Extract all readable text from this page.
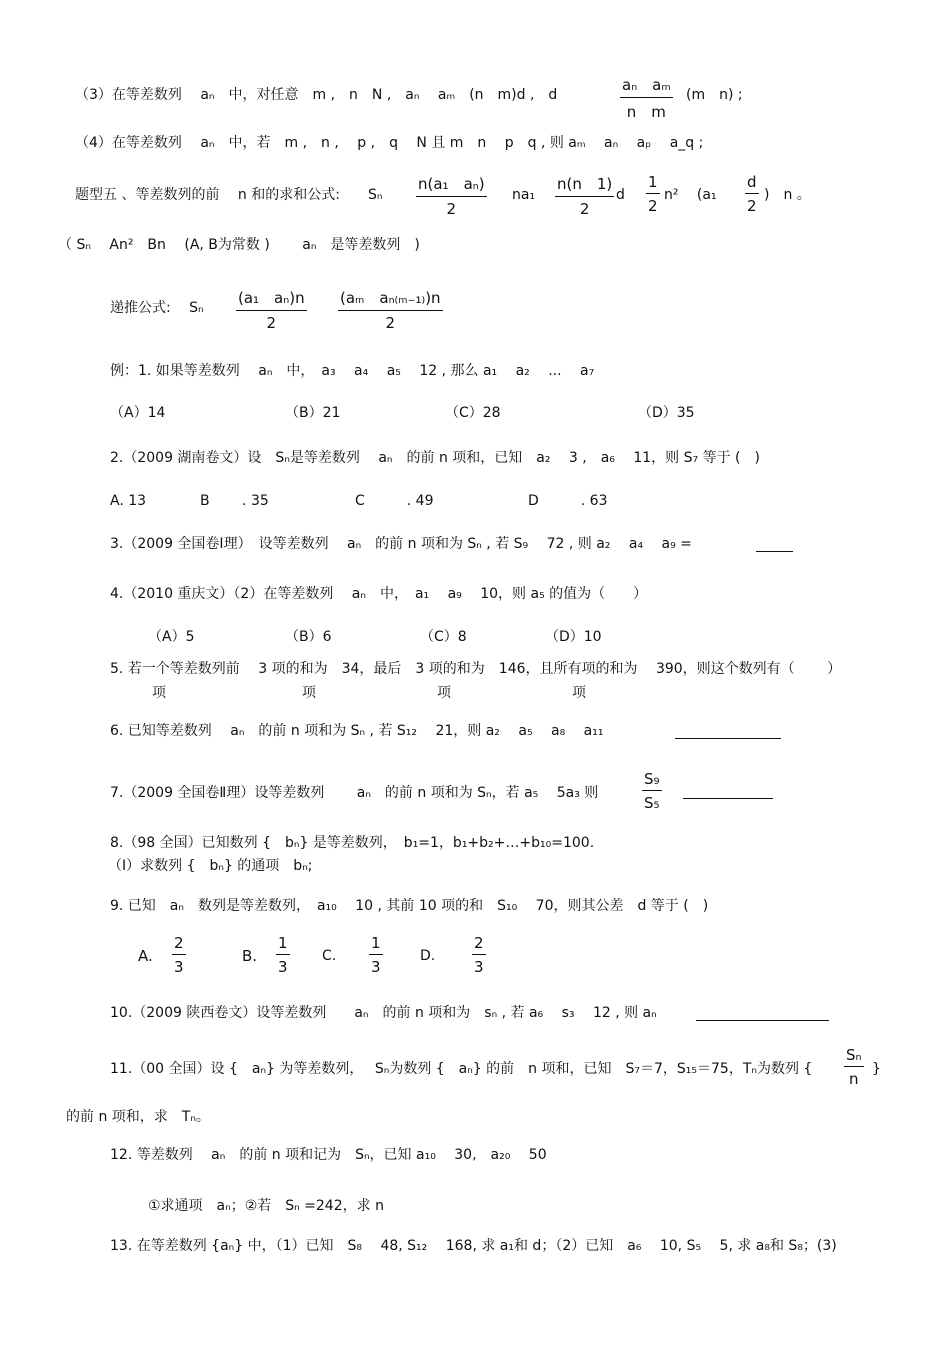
（3）在等差数列　 aₙ　中，对任意　m ,　n　N ,　aₙ　 aₘ　(n　m)d ,　d	$\frac{\text{aₙ　aₘ}}{\text{n　m}} (m$　n) ;
（4）在等差数列　 aₙ　中，若　m ,　n ,　 p ,　q　 N 且 m　n　 p　q , 则 aₘ　 aₙ　 aₚ　 a_q ;
题型五 、等差数列的前　 n 和的求和公式:　　Sₙ $\frac{\text{n(a₁　aₙ)}}{2} na_1 \frac{n(n 1)}{2}$ d $\frac{1}{2} n^2$　 ($a_1 \frac{d}{2}$ )　n 。
（ Sₙ　 An²　Bn　 (A, B为常数 )　　 aₙ　是等差数列　)
递推公式:　 Sₙ $\frac{\text{(a₁　aₙ)n}}{2} \frac{\text{(aₘ　aₙ₍ₘ₋₁₎)n}}{2}$
例：1. 如果等差数列　 aₙ　中，　a₃　 a₄　 a₅　 12 , 那么 a₁　 a₂　 ...　 a₇
（A）14	（B）21	（C）28	（D）35
2.（2009 湖南卷文）设　Sₙ是等差数列　 aₙ　的前 n 项和，已知　a₂　 3 ,　a₆　 11，则 S₇ 等于 (　)
A. 13	B　　 . 35	C　　　. 49	D　　　. 63
3.（2009 全国卷Ⅰ理）　设等差数列　 aₙ　的前 n 项和为 Sₙ , 若 S₉　 72 , 则 a₂　 a₄　 a₉ =
4.（2010 重庆文）（2）在等差数列　 aₙ　中，　a₁　 a₉　 10，则 a₅ 的值为（　　）
（A）5	（B）6	（C）8	（D）10
5. 若一个等差数列前　 3 项的和为　34，最后　3 项的和为　146，且所有项的和为　 390，则这个数列有（　　 ）
项	项	项	项
6. 已知等差数列　 aₙ　的前 n 项和为 Sₙ , 若 S₁₂　 21，则 a₂　 a₅　 a₈　 a₁₁
7.（2009 全国卷Ⅱ理）设等差数列　　 aₙ　的前 n 项和为 Sₙ，若 a₅　 5a₃ 则	$\frac{\text{S₉}}{\text{S₅}}$
8.（98 全国）已知数列 {　bₙ} 是等差数列，　b₁=1，b₁+b₂+…+b₁₀=100.
（Ⅰ）求数列 {　bₙ} 的通项　bₙ;
9. 已知　aₙ　数列是等差数列，　a₁₀　 10 , 其前 10 项的和　S₁₀　 70，则其公差　d 等于 (　)
A. $\frac{2}{3}$	B. $\frac{1}{3} C$. $\frac{1}{3}$	D. $\frac{2}{3}$
10.（2009 陕西卷文）设等差数列　　aₙ　的前 n 项和为　sₙ , 若 a₆　 s₃　 12 , 则 aₙ
11.（00 全国）设 {　aₙ} 为等差数列，　 Sₙ为数列 {　aₙ} 的前　n 项和，已知　S₇＝7，S₁₅＝75，Tₙ为数列 { $\frac{\text{Sₙ}}{n}$ }
的前 n 项和，求　Tₙ。
12. 等差数列　 aₙ　的前 n 项和记为　Sₙ，已知 a₁₀　 30,　a₂₀　 50
①求通项　aₙ；②若　Sₙ =242，求 n
13. 在等差数列 {aₙ} 中，（1）已知　S₈　 48, S₁₂　 168, 求 a₁和 d；（2）已知　a₆　 10, S₅　 5, 求 a₈和 S₈；(3)
